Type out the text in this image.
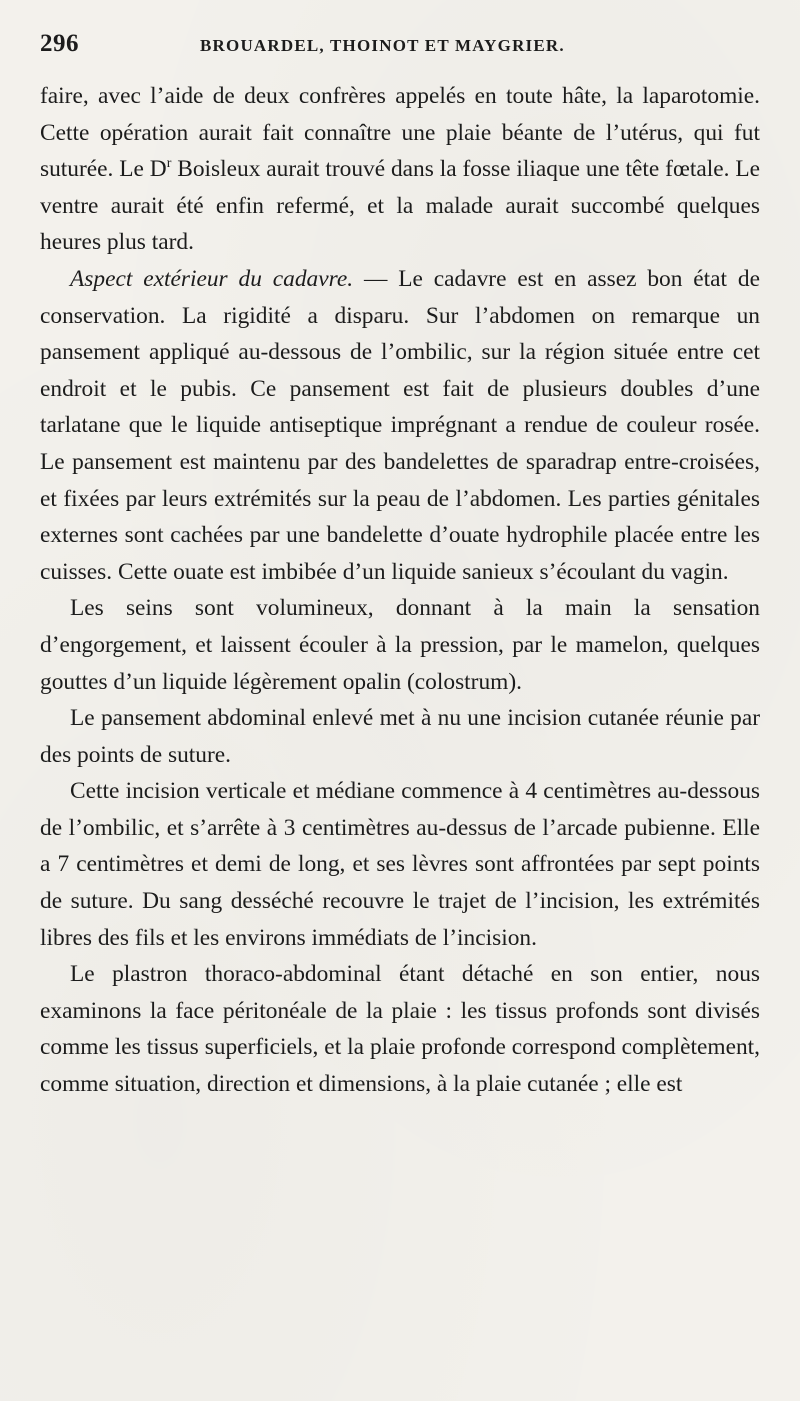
296	BROUARDEL, THOINOT ET MAYGRIER.

faire, avec l’aide de deux confrères appelés en toute hâte, la laparotomie. Cette opération aurait fait connaître une plaie béante de l’utérus, qui fut suturée. Le $D^r$ Boisleux aurait trouvé dans la fosse iliaque une tête fœtale. Le ventre aurait été enfin refermé, et la malade aurait succombé quelques heures plus tard.

Aspect extérieur du cadavre. — Le cadavre est en assez bon état de conservation. La rigidité a disparu. Sur l’abdomen on remarque un pansement appliqué au-dessous de l’ombilic, sur la région située entre cet endroit et le pubis. Ce pansement est fait de plusieurs doubles d’une tarlatane que le liquide antiseptique imprégnant a rendue de couleur rosée. Le pansement est maintenu par des bandelettes de sparadrap entre-croisées, et fixées par leurs extrémités sur la peau de l’abdomen. Les parties génitales externes sont cachées par une bandelette d’ouate hydrophile placée entre les cuisses. Cette ouate est imbibée d’un liquide sanieux s’écoulant du vagin.

Les seins sont volumineux, donnant à la main la sensation d’engorgement, et laissent écouler à la pression, par le mamelon, quelques gouttes d’un liquide légèrement opalin (colostrum).

Le pansement abdominal enlevé met à nu une incision cutanée réunie par des points de suture.

Cette incision verticale et médiane commence à 4 centimètres au-dessous de l’ombilic, et s’arrête à 3 centimètres au-dessus de l’arcade pubienne. Elle a 7 centimètres et demi de long, et ses lèvres sont affrontées par sept points de suture. Du sang desséché recouvre le trajet de l’incision, les extrémités libres des fils et les environs immédiats de l’incision.

Le plastron thoraco-abdominal étant détaché en son entier, nous examinons la face péritonéale de la plaie : les tissus profonds sont divisés comme les tissus superficiels, et la plaie profonde correspond complètement, comme situation, direction et dimensions, à la plaie cutanée ; elle est
